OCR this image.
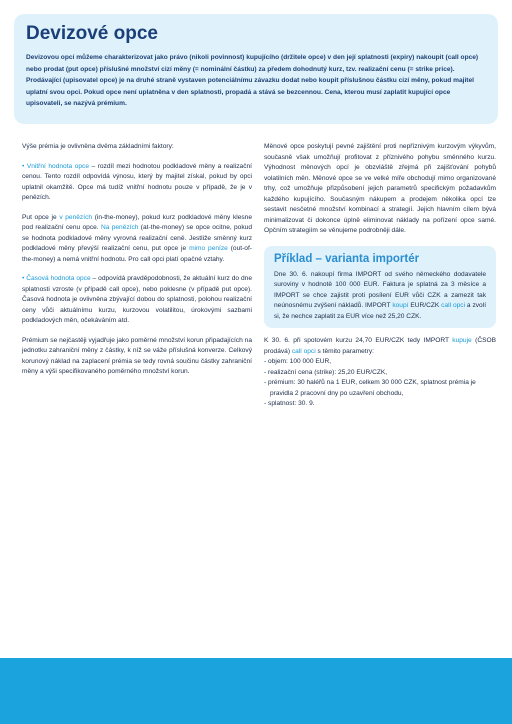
Devizové opce

Devizovou opcí můžeme charakterizovat jako právo (nikoli povinnost) kupujícího (držitele opce) v den její splatnosti (expiry) nakoupit (call opce) nebo prodat (put opce) příslušné množství cizí měny (= nominální částku) za předem dohodnutý kurz, tzv. realizační cenu (= strike price). Prodávající (upisovatel opce) je na druhé straně vystaven potenciálnímu závazku dodat nebo koupit příslušnou částku cizí měny, pokud majitel uplatní svou opci. Pokud opce není uplatněna v den splatnosti, propadá a stává se bezcennou. Cena, kterou musí zaplatit kupující opce upisovateli, se nazývá prémium.

Výše prémia je ovlivněna dvěma základními faktory:

• Vnitřní hodnota opce – rozdíl mezi hodnotou podkladové měny a realizační cenou. Tento rozdíl odpovídá výnosu, který by majitel získal, pokud by opci uplatnil okamžitě. Opce má tudíž vnitřní hodnotu pouze v případě, že je v penězích.

Put opce je v penězích (in-the-money), pokud kurz podkladové měny klesne pod realizační cenu opce. Na penězích (at-the-money) se opce ocitne, pokud se hodnota podkladové měny vyrovná realizační ceně. Jestliže směnný kurz podkladové měny převýší realizační cenu, put opce je mimo peníze (out-of-the-money) a nemá vnitřní hodnotu. Pro call opci platí opačné vztahy.

• Časová hodnota opce – odpovídá pravděpodobnosti, že aktuální kurz do dne splatnosti vzroste (v případě call opce), nebo poklesne (v případě put opce). Časová hodnota je ovlivněna zbývající dobou do splatnosti, polohou realizační ceny vůči aktuálnímu kurzu, kurzovou volatilitou, úrokovými sazbami podkladových měn, očekáváním atd.

Prémium se nejčastěji vyjadřuje jako poměrné množství korun připadajících na jednotku zahraniční měny z částky, k níž se váže příslušná konverze. Celkový korunový náklad na zaplacení prémia se tedy rovná součinu částky zahraniční měny a výši specifikovaného poměrného množství korun.

Měnové opce poskytují pevné zajištění proti nepříznivým kurzovým výkyvům, současně však umožňují profitovat z příznivého pohybu směnného kurzu. Výhodnost měnových opcí je obzvláště zřejmá při zajišťování pohybů volatilních měn. Měnové opce se ve velké míře obchodují mimo organizované trhy, což umožňuje přizpůsobení jejich parametrů specifickým požadavkům každého kupujícího. Současným nákupem a prodejem několika opcí lze sestavit nesčetné množství kombinací a strategií. Jejich hlavním cílem bývá minimalizovat či dokonce úplně eliminovat náklady na pořízení opce samé. Opčním strategiím se věnujeme podrobněji dále.

Příklad – varianta importér

Dne 30. 6. nakoupí firma IMPORT od svého německého dodavatele suroviny v hodnotě 100 000 EUR. Faktura je splatná za 3 měsíce a IMPORT se chce zajistit proti posílení EUR vůči CZK a zamezit tak neúnosnému zvýšení nákladů. IMPORT koupí EUR/CZK call opci a zvolí si, že nechce zaplatit za EUR více než 25,20 CZK.

K 30. 6. při spotovém kurzu 24,70 EUR/CZK tedy IMPORT kupuje (ČSOB prodává) call opci s těmito parametry:

- objem: 100 000 EUR,
- realizační cena (strike): 25,20 EUR/CZK,
- prémium: 30 haléřů na 1 EUR, celkem 30 000 CZK, splatnost prémia je pravidla 2 pracovní dny po uzavření obchodu,
- splatnost: 30. 9.
